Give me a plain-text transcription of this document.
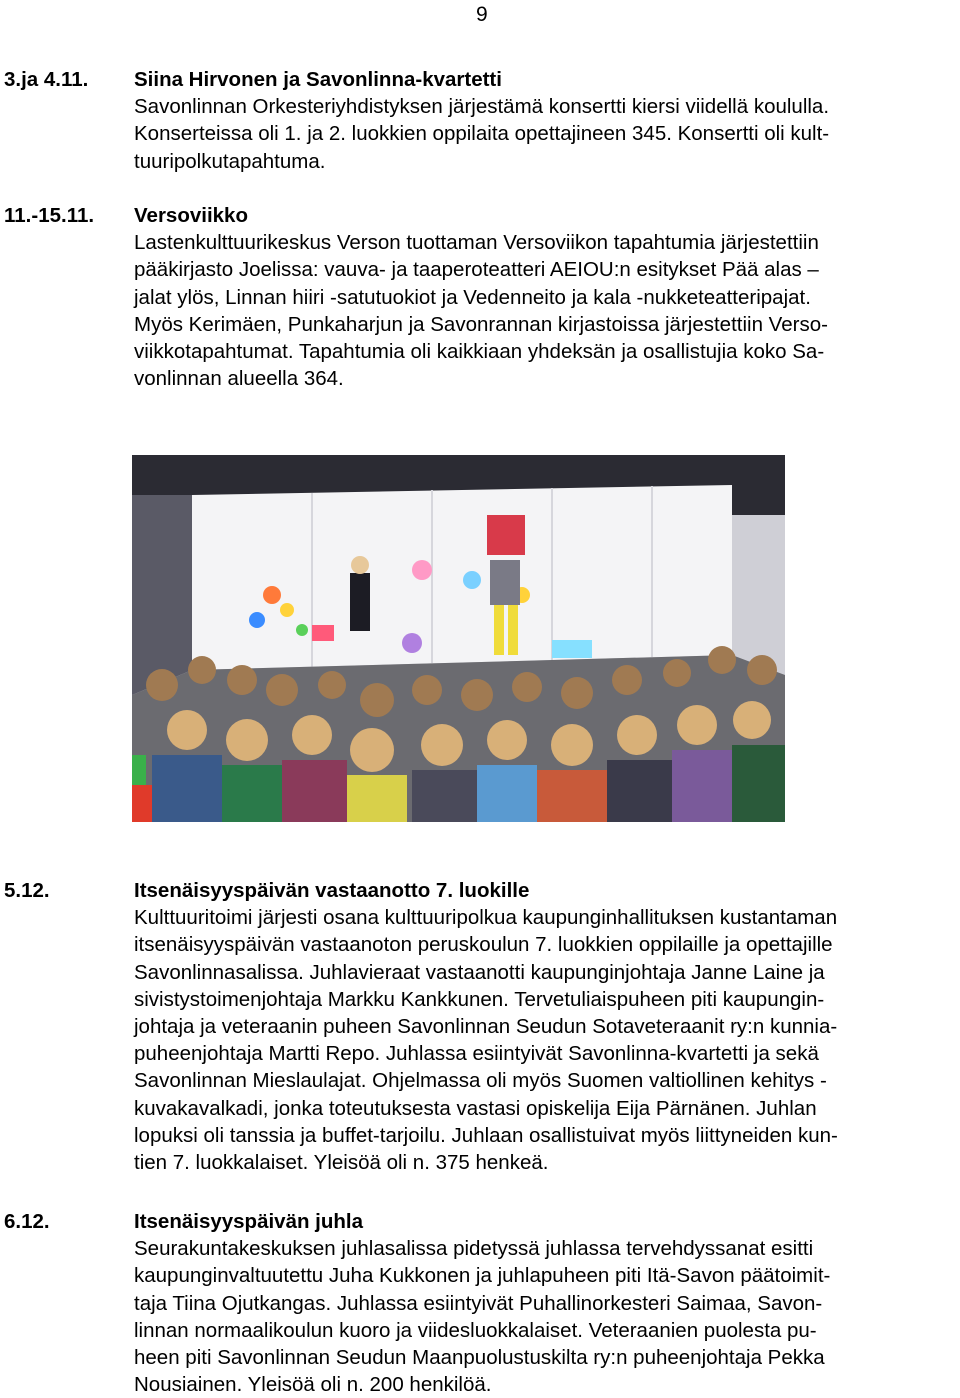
9
3.ja 4.11. Siina Hirvonen ja Savonlinna-kvartetti
Savonlinnan Orkesteriyhdistyksen järjestämä konsertti kiersi viidellä koululla.
Konserteissa oli 1. ja 2. luokkien oppilaita opettajineen 345. Konsertti oli kult-
tuuripolkutapahtuma.
11.-15.11. Versoviikko
Lastenkulttuurikeskus Verson tuottaman Versoviikon tapahtumia järjestettiin
pääkirjasto Joelissa: vauva- ja taaperoteatteri AEIOU:n esitykset Pää alas –
jalat ylös, Linnan hiiri -satutuokiot ja Vedenneito ja kala -nukketeatteripajat.
Myös Kerimäen, Punkaharjun ja Savonrannan kirjastoissa järjestettiin Verso-
viikkotapahtumat. Tapahtumia oli kaikkiaan yhdeksän ja osallistujia koko Sa-
vonlinnan alueella 364.
5.12.	Itsenäisyyspäivän vastaanotto 7. luokille
Kulttuuritoimi järjesti osana kulttuuripolkua kaupunginhallituksen kustantaman
itsenäisyyspäivän vastaanoton peruskoulun 7. luokkien oppilaille ja opettajille
Savonlinnasalissa. Juhlavieraat vastaanotti kaupunginjohtaja Janne Laine ja
sivistystoimenjohtaja Markku Kankkunen. Tervetuliaispuheen piti kaupungin-
johtaja ja veteraanin puheen Savonlinnan Seudun Sotaveteraanit ry:n kunnia-
puheenjohtaja Martti Repo. Juhlassa esiintyivät Savonlinna-kvartetti ja sekä
Savonlinnan Mieslaulajat. Ohjelmassa oli myös Suomen valtiollinen kehitys -
kuvakavalkadi, jonka toteutuksesta vastasi opiskelija Eija Pärnänen. Juhlan
lopuksi oli tanssia ja buffet-tarjoilu. Juhlaan osallistuivat myös liittyneiden kun-
tien 7. luokkalaiset. Yleisöä oli n. 375 henkeä.
6.12.	Itsenäisyyspäivän juhla
Seurakuntakeskuksen juhlasalissa pidetyssä juhlassa tervehdyssanat esitti
kaupunginvaltuutettu Juha Kukkonen ja juhlapuheen piti Itä-Savon päätoimit-
taja Tiina Ojutkangas. Juhlassa esiintyivät Puhallinorkesteri Saimaa, Savon-
linnan normaalikoulun kuoro ja viidesluokkalaiset. Veteraanien puolesta pu-
heen piti Savonlinnan Seudun Maanpuolustuskilta ry:n puheenjohtaja Pekka
Nousiainen. Yleisöä oli n. 200 henkilöä.
